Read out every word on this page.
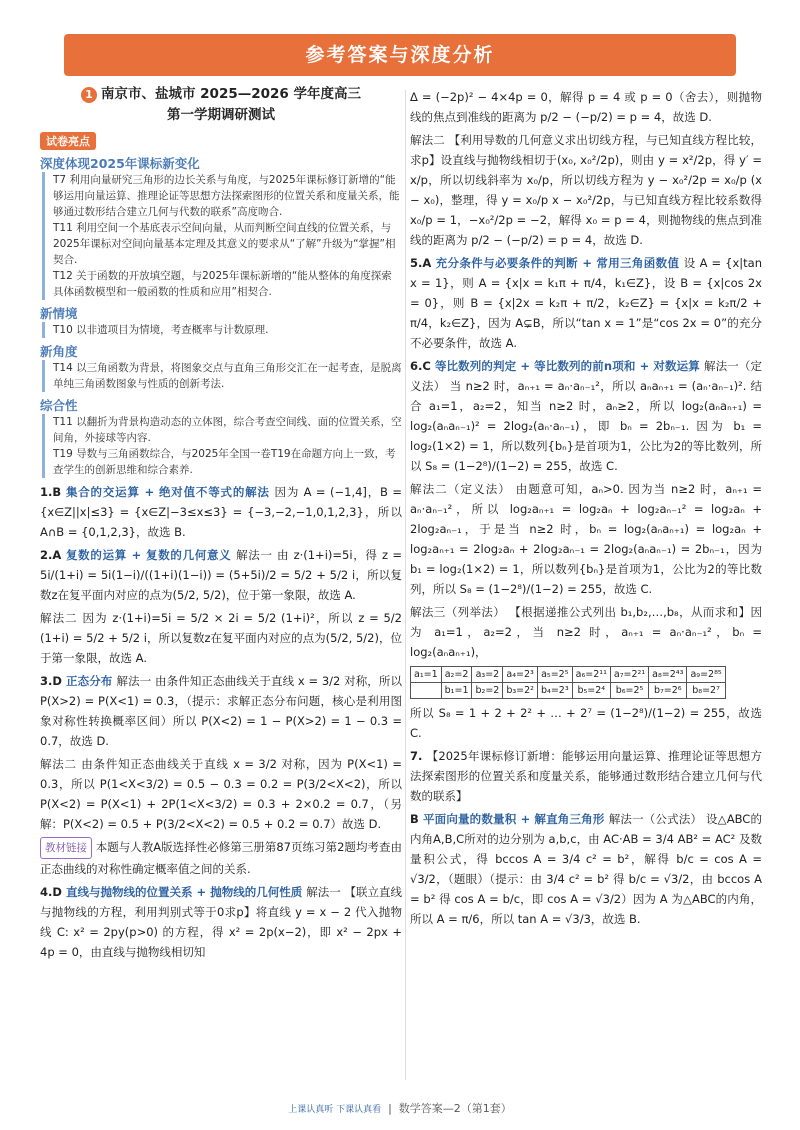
参考答案与深度分析
1 南京市、盐城市 2025—2026 学年度高三
第一学期调研测试
试卷亮点
深度体现2025年课标新变化
T7 利用向量研究三角形的边长关系与角度，与2025年课标修订新增的“能够运用向量运算、推理论证等思想方法探索图形的位置关系和度量关系，能够通过数形结合建立几何与代数的联系”高度吻合.
T11 利用空间一个基底表示空间向量，从而判断空间直线的位置关系，与2025年课标对空间向量基本定理及其意义的要求从“了解”升级为“掌握”相契合.
T12 关于函数的开放填空题，与2025年课标新增的“能从整体的角度探索具体函数模型和一般函数的性质和应用”相契合.
新情境
T10 以非遗项目为情境，考查概率与计数原理.
新角度
T14 以三角函数为背景，将图象交点与直角三角形交汇在一起考查，是脱离单纯三角函数图象与性质的创新考法.
综合性
T11 以翻折为背景构造动态的立体图，综合考查空间线、面的位置关系，空间角，外接球等内容.
T19 导数与三角函数综合，与2025年全国一卷T19在命题方向上一致，考查学生的创新思维和综合素养.
1.B 集合的交运算 + 绝对值不等式的解法 因为 A = (−1,4]，B = {x∈Z||x|≤3} = {x∈Z|−3≤x≤3} = {−3,−2,−1,0,1,2,3}，所以 A∩B = {0,1,2,3}，故选 B.
2.A 复数的运算 + 复数的几何意义 解法一 由 z·(1+i)=5i，得 z = 5i/(1+i) = 5i(1−i)/((1+i)(1−i)) = (5+5i)/2 = 5/2 + 5/2 i，所以复数z在复平面内对应的点为(5/2, 5/2)，位于第一象限，故选 A.
解法二 因为 z·(1+i)=5i = 5/2 × 2i = 5/2 (1+i)²，所以 z = 5/2 (1+i) = 5/2 + 5/2 i，所以复数z在复平面内对应的点为(5/2, 5/2)，位于第一象限，故选 A.
3.D 正态分布 解法一 由条件知正态曲线关于直线 x = 3/2 对称，所以 P(X>2) = P(X<1) = 0.3，（提示：求解正态分布问题，核心是利用图象对称性转换概率区间）所以 P(X<2) = 1 − P(X>2) = 1 − 0.3 = 0.7，故选 D.
解法二 由条件知正态曲线关于直线 x = 3/2 对称，因为 P(X<1) = 0.3，所以 P(1<X<3/2) = 0.5 − 0.3 = 0.2 = P(3/2<X<2)，所以 P(X<2) = P(X<1) + 2P(1<X<3/2) = 0.3 + 2×0.2 = 0.7，（另解：P(X<2) = 0.5 + P(3/2<X<2) = 0.5 + 0.2 = 0.7）故选 D.
教材链接 本题与人教A版选择性必修第三册第87页练习第2题均考查由正态曲线的对称性确定概率值之间的关系.
4.D 直线与抛物线的位置关系 + 抛物线的几何性质 解法一 【联立直线与抛物线的方程，利用判别式等于0求p】将直线 y = x − 2 代入抛物线 C: x² = 2py(p>0) 的方程，得 x² = 2p(x−2)，即 x² − 2px + 4p = 0，由直线与抛物线相切知
Δ = (−2p)² − 4×4p = 0，解得 p = 4 或 p = 0（舍去），则抛物线的焦点到准线的距离为 p/2 − (−p/2) = p = 4，故选 D.
解法二 【利用导数的几何意义求出切线方程，与已知直线方程比较，求p】设直线与抛物线相切于(x₀, x₀²/2p)，则由 y = x²/2p，得 y′ = x/p，所以切线斜率为 x₀/p，所以切线方程为 y − x₀²/2p = x₀/p (x − x₀)，整理，得 y = x₀/p x − x₀²/2p，与已知直线方程比较系数得 x₀/p = 1，−x₀²/2p = −2，解得 x₀ = p = 4，则抛物线的焦点到准线的距离为 p/2 − (−p/2) = p = 4，故选 D.
5.A 充分条件与必要条件的判断 + 常用三角函数值 设 A = {x|tan x = 1}，则 A = {x|x = k₁π + π/4，k₁∈Z}，设 B = {x|cos 2x = 0}，则 B = {x|2x = k₂π + π/2，k₂∈Z} = {x|x = k₂π/2 + π/4，k₂∈Z}，因为 A⊊B，所以“tan x = 1”是“cos 2x = 0”的充分不必要条件，故选 A.
6.C 等比数列的判定 + 等比数列的前n项和 + 对数运算 解法一（定义法） 当 n≥2 时，aₙ₊₁ = aₙ·aₙ₋₁²，所以 aₙaₙ₊₁ = (aₙ·aₙ₋₁)². 结合 a₁=1，a₂=2，知当 n≥2 时，aₙ≥2，所以 log₂(aₙaₙ₊₁) = log₂(aₙaₙ₋₁)² = 2log₂(aₙ·aₙ₋₁)，即 bₙ = 2bₙ₋₁. 因为 b₁ = log₂(1×2) = 1，所以数列{bₙ}是首项为1，公比为2的等比数列，所以 S₈ = (1−2⁸)/(1−2) = 255，故选 C.
解法二（定义法） 由题意可知，aₙ>0. 因为当 n≥2 时，aₙ₊₁ = aₙ·aₙ₋₁²，所以 log₂aₙ₊₁ = log₂aₙ + log₂aₙ₋₁² = log₂aₙ + 2log₂aₙ₋₁，于是当 n≥2 时，bₙ = log₂(aₙaₙ₊₁) = log₂aₙ + log₂aₙ₊₁ = 2log₂aₙ + 2log₂aₙ₋₁ = 2log₂(aₙaₙ₋₁) = 2bₙ₋₁，因为 b₁ = log₂(1×2) = 1，所以数列{bₙ}是首项为1，公比为2的等比数列，所以 S₈ = (1−2⁸)/(1−2) = 255，故选 C.
解法三（列举法） 【根据递推公式列出 b₁,b₂,…,b₈，从而求和】因为 a₁=1，a₂=2，当 n≥2 时，aₙ₊₁ = aₙ·aₙ₋₁²，bₙ = log₂(aₙaₙ₊₁)，
a₁=1	a₂=2	a₃=2	a₄=2³	a₅=2⁵	a₆=2¹¹	a₇=2²¹	a₈=2⁴³	a₉=2⁸⁵
	b₁=1	b₂=2	b₃=2²	b₄=2³	b₅=2⁴	b₆=2⁵	b₇=2⁶	b₈=2⁷
所以 S₈ = 1 + 2 + 2² + … + 2⁷ = (1−2⁸)/(1−2) = 255，故选 C.
7. 【2025年课标修订新增：能够运用向量运算、推理论证等思想方法探索图形的位置关系和度量关系，能够通过数形结合建立几何与代数的联系】
B 平面向量的数量积 + 解直角三角形 解法一（公式法） 设△ABC的内角A,B,C所对的边分别为 a,b,c，由 AC·AB = 3/4 AB² = AC² 及数量积公式，得 bccos A = 3/4 c² = b²，解得 b/c = cos A = √3/2，（题眼）（提示：由 3/4 c² = b² 得 b/c = √3/2，由 bccos A = b² 得 cos A = b/c，即 cos A = √3/2）因为 A 为△ABC的内角，所以 A = π/6，所以 tan A = √3/3，故选 B.
上课认真听 下课认真看  |  数学答案—2（第1套）
